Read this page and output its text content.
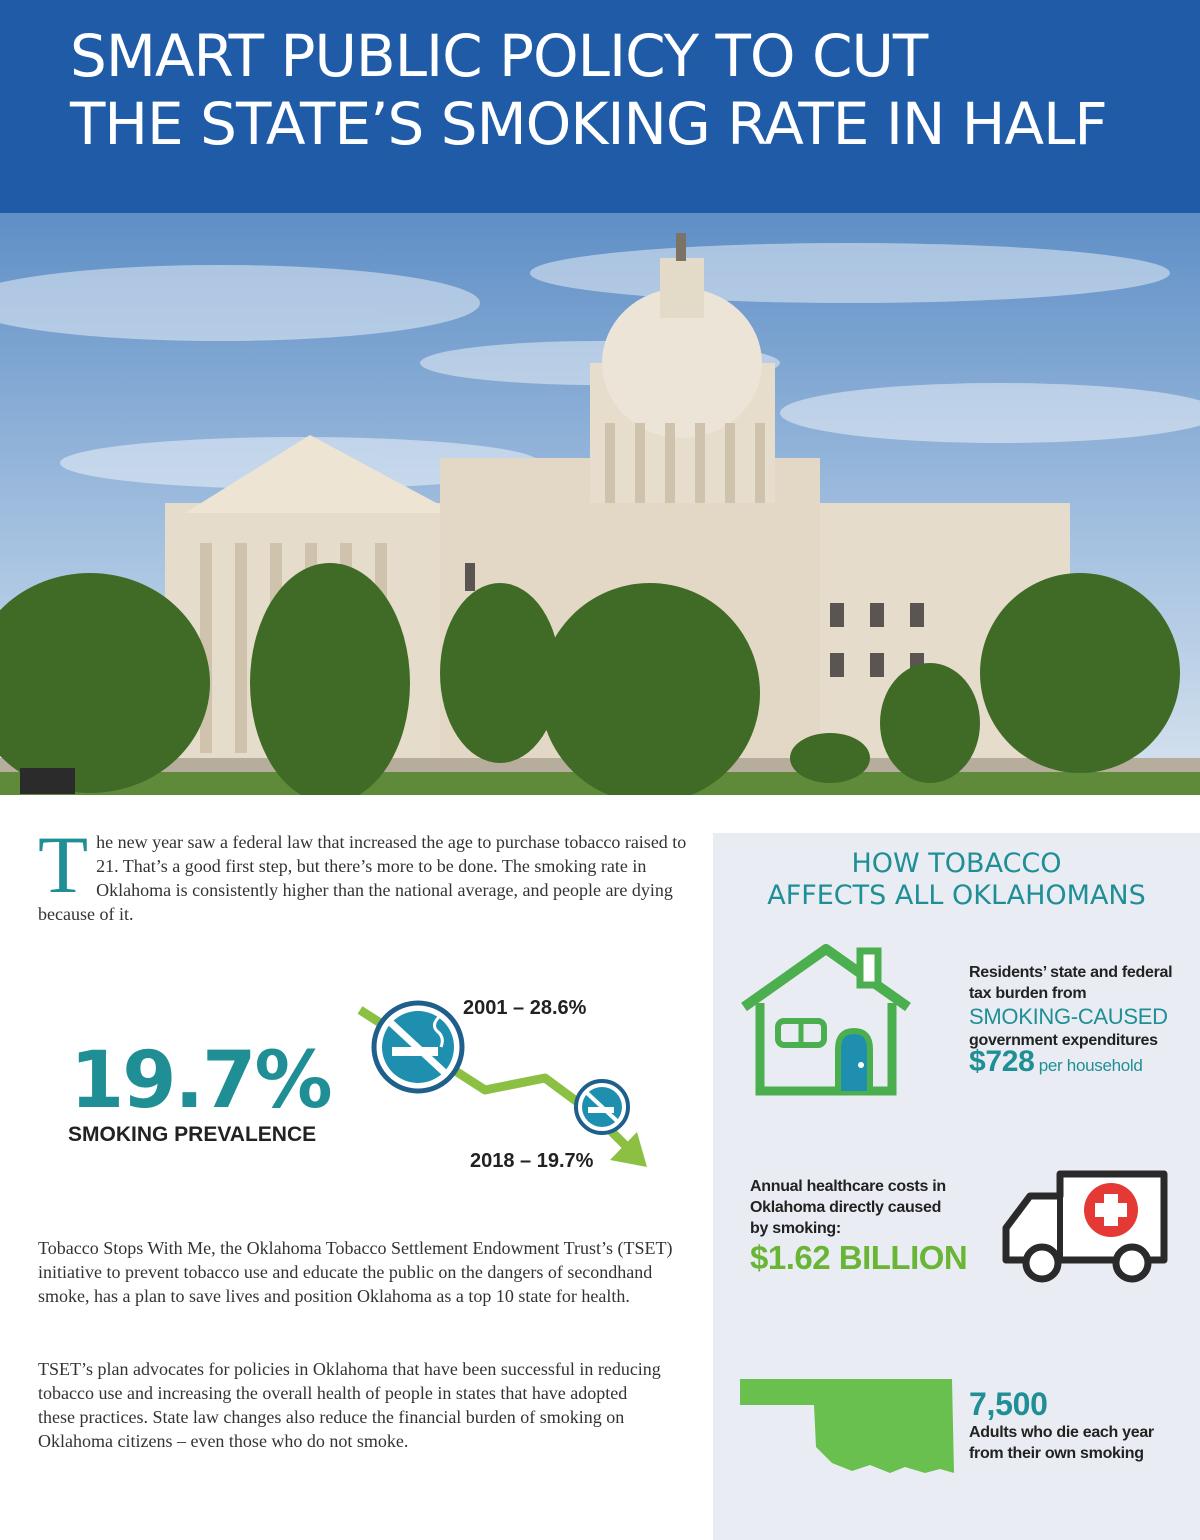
SMART PUBLIC POLICY TO CUT
THE STATE’S SMOKING RATE IN HALF

The new year saw a federal law that increased the age to purchase tobacco raised to 21. That’s a good first step, but there’s more to be done. The smoking rate in Oklahoma is consistently higher than the national average, and people are dying because of it.

2001 – 28.6%
2018 – 19.7%
19.7%
SMOKING PREVALENCE

Tobacco Stops With Me, the Oklahoma Tobacco Settlement Endowment Trust’s (TSET) initiative to prevent tobacco use and educate the public on the dangers of secondhand smoke, has a plan to save lives and position Oklahoma as a top 10 state for health.

TSET’s plan advocates for policies in Oklahoma that have been successful in reducing tobacco use and increasing the overall health of people in states that have adopted these practices. State law changes also reduce the financial burden of smoking on Oklahoma citizens – even those who do not smoke.

HOW TOBACCO
AFFECTS ALL OKLAHOMANS
Residents’ state and federal
tax burden from
SMOKING-CAUSED
government expenditures
$728 per household
Annual healthcare costs in
Oklahoma directly caused
by smoking:
$1.62 BILLION
7,500
Adults who die each year
from their own smoking
